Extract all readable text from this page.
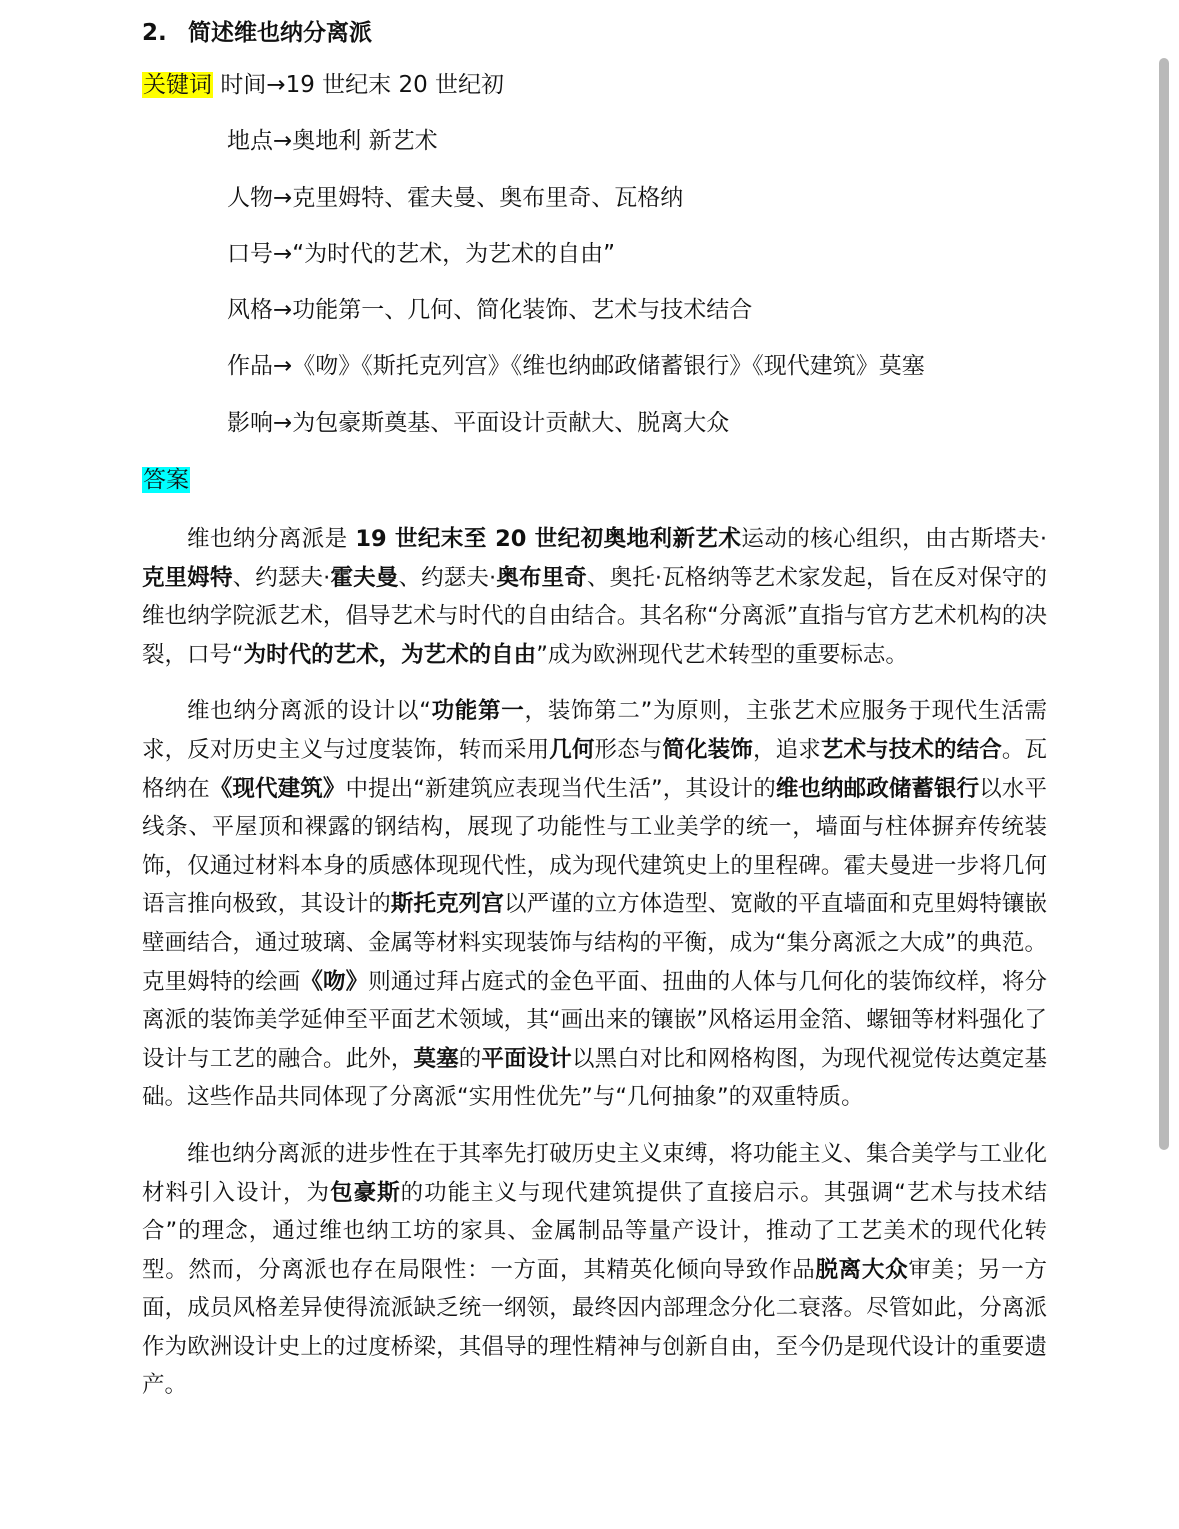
2. 简述维也纳分离派
关键词 时间→19 世纪末 20 世纪初
地点→奥地利 新艺术
人物→克里姆特、霍夫曼、奥布里奇、瓦格纳
口号→“为时代的艺术，为艺术的自由”
风格→功能第一、几何、简化装饰、艺术与技术结合
作品→《吻》《斯托克列宫》《维也纳邮政储蓄银行》《现代建筑》莫塞
影响→为包豪斯奠基、平面设计贡献大、脱离大众
答案

维也纳分离派是 19 世纪末至 20 世纪初奥地利新艺术运动的核心组织，由古斯塔夫·克里姆特、约瑟夫·霍夫曼、约瑟夫·奥布里奇、奥托·瓦格纳等艺术家发起，旨在反对保守的维也纳学院派艺术，倡导艺术与时代的自由结合。其名称“分离派”直指与官方艺术机构的决裂，口号“为时代的艺术，为艺术的自由”成为欧洲现代艺术转型的重要标志。

维也纳分离派的设计以“功能第一，装饰第二”为原则，主张艺术应服务于现代生活需求，反对历史主义与过度装饰，转而采用几何形态与简化装饰，追求艺术与技术的结合。瓦格纳在《现代建筑》中提出“新建筑应表现当代生活”，其设计的维也纳邮政储蓄银行以水平线条、平屋顶和裸露的钢结构，展现了功能性与工业美学的统一，墙面与柱体摒弃传统装饰，仅通过材料本身的质感体现现代性，成为现代建筑史上的里程碑。霍夫曼进一步将几何语言推向极致，其设计的斯托克列宫以严谨的立方体造型、宽敞的平直墙面和克里姆特镶嵌壁画结合，通过玻璃、金属等材料实现装饰与结构的平衡，成为“集分离派之大成”的典范。克里姆特的绘画《吻》则通过拜占庭式的金色平面、扭曲的人体与几何化的装饰纹样，将分离派的装饰美学延伸至平面艺术领域，其“画出来的镶嵌”风格运用金箔、螺钿等材料强化了设计与工艺的融合。此外，莫塞的平面设计以黑白对比和网格构图，为现代视觉传达奠定基础。这些作品共同体现了分离派“实用性优先”与“几何抽象”的双重特质。

维也纳分离派的进步性在于其率先打破历史主义束缚，将功能主义、集合美学与工业化材料引入设计，为包豪斯的功能主义与现代建筑提供了直接启示。其强调“艺术与技术结合”的理念，通过维也纳工坊的家具、金属制品等量产设计，推动了工艺美术的现代化转型。然而，分离派也存在局限性：一方面，其精英化倾向导致作品脱离大众审美；另一方面，成员风格差异使得流派缺乏统一纲领，最终因内部理念分化二衰落。尽管如此，分离派作为欧洲设计史上的过度桥梁，其倡导的理性精神与创新自由，至今仍是现代设计的重要遗产。
